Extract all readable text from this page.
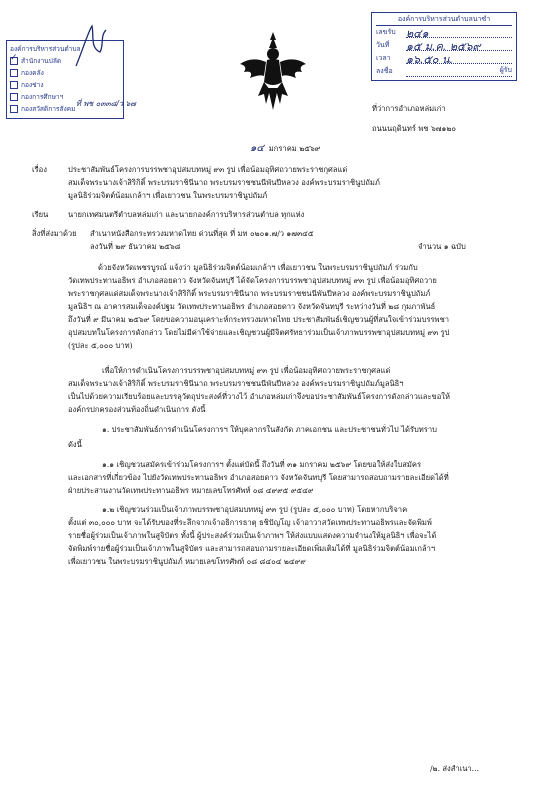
องค์การบริหารส่วนตำบล
✓ สำนักงานปลัด
กองคลัง
กองช่าง
กองการศึกษาฯ
กองสวัสดิการสังคม
ที่ พช ๐๓๓๘/ว ๖๗
องค์การบริหารส่วนตำบลนาซำ
เลขรับ ๒๔๑
วันที่	๑๕ ม.ค. ๒๕๖๙
เวลา	๑๖.๕๐ น.
ลงชื่อ	ผู้รับ
ที่ว่าการอำเภอหล่มเก่า
ถนนนฤดินทร์ พช ๖๗๑๒๐
๑๔ มกราคม ๒๕๖๙
เรื่อง	ประชาสัมพันธ์โครงการบรรพชาอุปสมบทหมู่ ๙๓ รูป เพื่อน้อมอุทิศถวายพระราชกุศลแด่
สมเด็จพระนางเจ้าสิริกิติ์ พระบรมราชินีนาถ พระบรมราชชนนีพันปีหลวง องค์พระบรมราชินูปถัมภ์
มูลนิธิร่วมจิตต์น้อมเกล้าฯ เพื่อเยาวชน ในพระบรมราชินูปถัมภ์
เรียน	นายกเทศมนตรีตำบลหล่มเก่า และนายกองค์การบริหารส่วนตำบล ทุกแห่ง
สิ่งที่ส่งมาด้วย สำเนาหนังสือกระทรวงมหาดไทย ด่วนที่สุด ที่ มท ๐๒๐๑.๗/ว ๑๗๓๔๕
ลงวันที่ ๒๙ ธันวาคม ๒๕๖๘	จำนวน ๑ ฉบับ
ด้วยจังหวัดเพชรบูรณ์ แจ้งว่า มูลนิธิร่วมจิตต์น้อมเกล้าฯ เพื่อเยาวชน ในพระบรมราชินูปถัมภ์ ร่วมกับ
วัดเทพประทานอธิพร อำเภอสอยดาว จังหวัดจันทบุรี ได้จัดโครงการบรรพชาอุปสมบทหมู่ ๙๓ รูป เพื่อน้อมอุทิศถวาย
พระราชกุศลแด่สมเด็จพระนางเจ้าสิริกิติ์ พระบรมราชินีนาถ พระบรมราชชนนีพันปีหลวง องค์พระบรมราชินูปถัมภ์
มูลนิธิฯ ณ อาคารสมเด็จองค์ปฐม วัดเทพประทานอธิพร อำเภอสอยดาว จังหวัดจันทบุรี ระหว่างวันที่ ๒๘ กุมภาพันธ์
ถึงวันที่ ๙ มีนาคม ๒๕๖๙ โดยขอความอนุเคราะห์กระทรวงมหาดไทย ประชาสัมพันธ์เชิญชวนผู้ที่สนใจเข้าร่วมบรรพชา
อุปสมบทในโครงการดังกล่าว โดยไม่มีค่าใช้จ่ายและเชิญชวนผู้มีจิตศรัทธาร่วมเป็นเจ้าภาพบรรพชาอุปสมบทหมู่ ๙๓ รูป
(รูปละ ๕,๐๐๐ บาท)
เพื่อให้การดำเนินโครงการบรรพชาอุปสมบทหมู่ ๙๓ รูป เพื่อน้อมอุทิศถวายพระราชกุศลแด่
สมเด็จพระนางเจ้าสิริกิติ์ พระบรมราชินีนาถ พระบรมราชชนนีพันปีหลวง องค์พระบรมราชินูปถัมภ์มูลนิธิฯ
เป็นไปด้วยความเรียบร้อยและบรรลุวัตถุประสงค์ที่วางไว้ อำเภอหล่มเก่าจึงขอประชาสัมพันธ์โครงการดังกล่าวและขอให้
องค์กรปกครองส่วนท้องถิ่นดำเนินการ ดังนี้
๑. ประชาสัมพันธ์การดำเนินโครงการฯ ให้บุคลากรในสังกัด ภาคเอกชน และประชาชนทั่วไป ได้รับทราบ
ดังนี้
๑.๑ เชิญชวนสมัครเข้าร่วมโครงการฯ ตั้งแต่บัดนี้ ถึงวันที่ ๓๑ มกราคม ๒๕๖๙ โดยขอให้ส่งใบสมัคร
และเอกสารที่เกี่ยวข้อง ไปยังวัดเทพประทานอธิพร อำเภอสอยดาว จังหวัดจันทบุรี โดยสามารถสอบถามรายละเอียดได้ที่
ฝ่ายประสานงานวัดเทพประทานอธิพร หมายเลขโทรศัพท์ ๐๘ ๔๙๙๕ ๙๕๔๙
๑.๒ เชิญชวนร่วมเป็นเจ้าภาพบรรพชาอุปสมบทหมู่ ๙๓ รูป (รูปละ ๕,๐๐๐ บาท) โดยหากบริจาค
ตั้งแต่ ๓๐,๐๐๐ บาท จะได้รับของที่ระลึกจากเจ้าอธิการธาตุ ธชิปัญโญ เจ้าอาวาสวัดเทพประทานอธิพรและจัดพิมพ์
รายชื่อผู้ร่วมเป็นเจ้าภาพในสูจิบัตร ทั้งนี้ ผู้ประสงค์ร่วมเป็นเจ้าภาพฯ ให้ส่งแบบแสดงความจำนงให้มูลนิธิฯ เพื่อจะได้
จัดพิมพ์รายชื่อผู้ร่วมเป็นเจ้าภาพในสูจิบัตร และสามารถสอบถามรายละเอียดเพิ่มเติมได้ที่ มูลนิธิร่วมจิตต์น้อมเกล้าฯ
เพื่อเยาวชน ในพระบรมราชินูปถัมภ์ หมายเลขโทรศัพท์ ๐๘ ๘๔๐๔ ๒๔๙๙
/๒. ส่งสำเนา...
